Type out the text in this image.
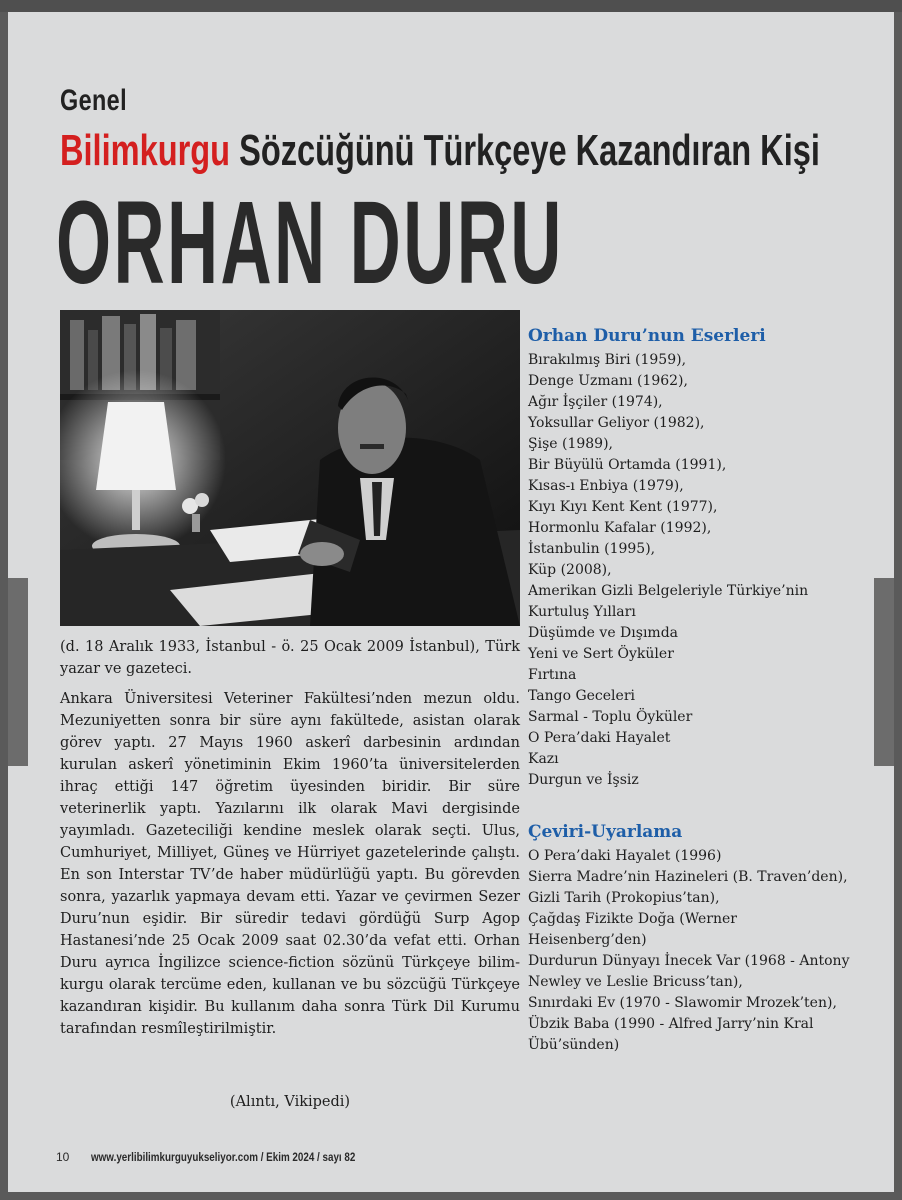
Genel
Bilimkurgu Sözcüğünü Türkçeye Kazandıran Kişi
ORHAN DURU
(d. 18 Aralık 1933, İstanbul - ö. 25 Ocak 2009 İstanbul), Türk yazar ve gazeteci.
Ankara Üniversitesi Veteriner Fakültesi’nden mezun oldu. Mezuniyetten sonra bir süre aynı fakültede, asistan olarak görev yaptı. 27 Mayıs 1960 askerî darbesinin ardından kurulan askerî yönetiminin Ekim 1960’ta üniversitelerden ihraç ettiği 147 öğretim üyesinden biridir. Bir süre veterinerlik yaptı. Yazılarını ilk olarak Mavi dergisinde yayımladı. Gazeteciliği kendine meslek olarak seçti. Ulus, Cumhuriyet, Milliyet, Güneş ve Hürriyet gazetelerinde çalıştı. En son Interstar TV’de haber müdürlüğü yaptı. Bu görevden sonra, yazarlık yapmaya devam etti. Yazar ve çevirmen Sezer Duru’nun eşidir. Bir süredir tedavi gördüğü Surp Agop Hastanesi’nde 25 Ocak 2009 saat 02.30’da vefat etti. Orhan Duru ayrıca İngilizce science-fiction sözünü Türkçeye bilim-kurgu olarak tercüme eden, kullanan ve bu sözcüğü Türkçeye kazandıran kişidir. Bu kullanım daha sonra Türk Dil Kurumu tarafından resmîleştirilmiştir.
(Alıntı, Vikipedi)
Orhan Duru’nun Eserleri
Bırakılmış Biri (1959),
Denge Uzmanı (1962),
Ağır İşçiler (1974),
Yoksullar Geliyor (1982),
Şişe (1989),
Bir Büyülü Ortamda (1991),
Kısas-ı Enbiya (1979),
Kıyı Kıyı Kent Kent (1977),
Hormonlu Kafalar (1992),
İstanbulin (1995),
Küp (2008),
Amerikan Gizli Belgeleriyle Türkiye’nin
Kurtuluş Yılları
Düşümde ve Dışımda
Yeni ve Sert Öyküler
Fırtına
Tango Geceleri
Sarmal - Toplu Öyküler
O Pera’daki Hayalet
Kazı
Durgun ve İşsiz
Çeviri-Uyarlama
O Pera’daki Hayalet (1996)
Sierra Madre’nin Hazineleri (B. Traven’den),
Gizli Tarih (Prokopius’tan),
Çağdaş Fizikte Doğa (Werner
Heisenberg’den)
Durdurun Dünyayı İnecek Var (1968 - Antony
Newley ve Leslie Bricuss’tan),
Sınırdaki Ev (1970 - Slawomir Mrozek’ten),
Übzik Baba (1990 - Alfred Jarry’nin Kral
Übü’sünden)
10 www.yerlibilimkurguyukseliyor.com / Ekim 2024 / sayı 82
